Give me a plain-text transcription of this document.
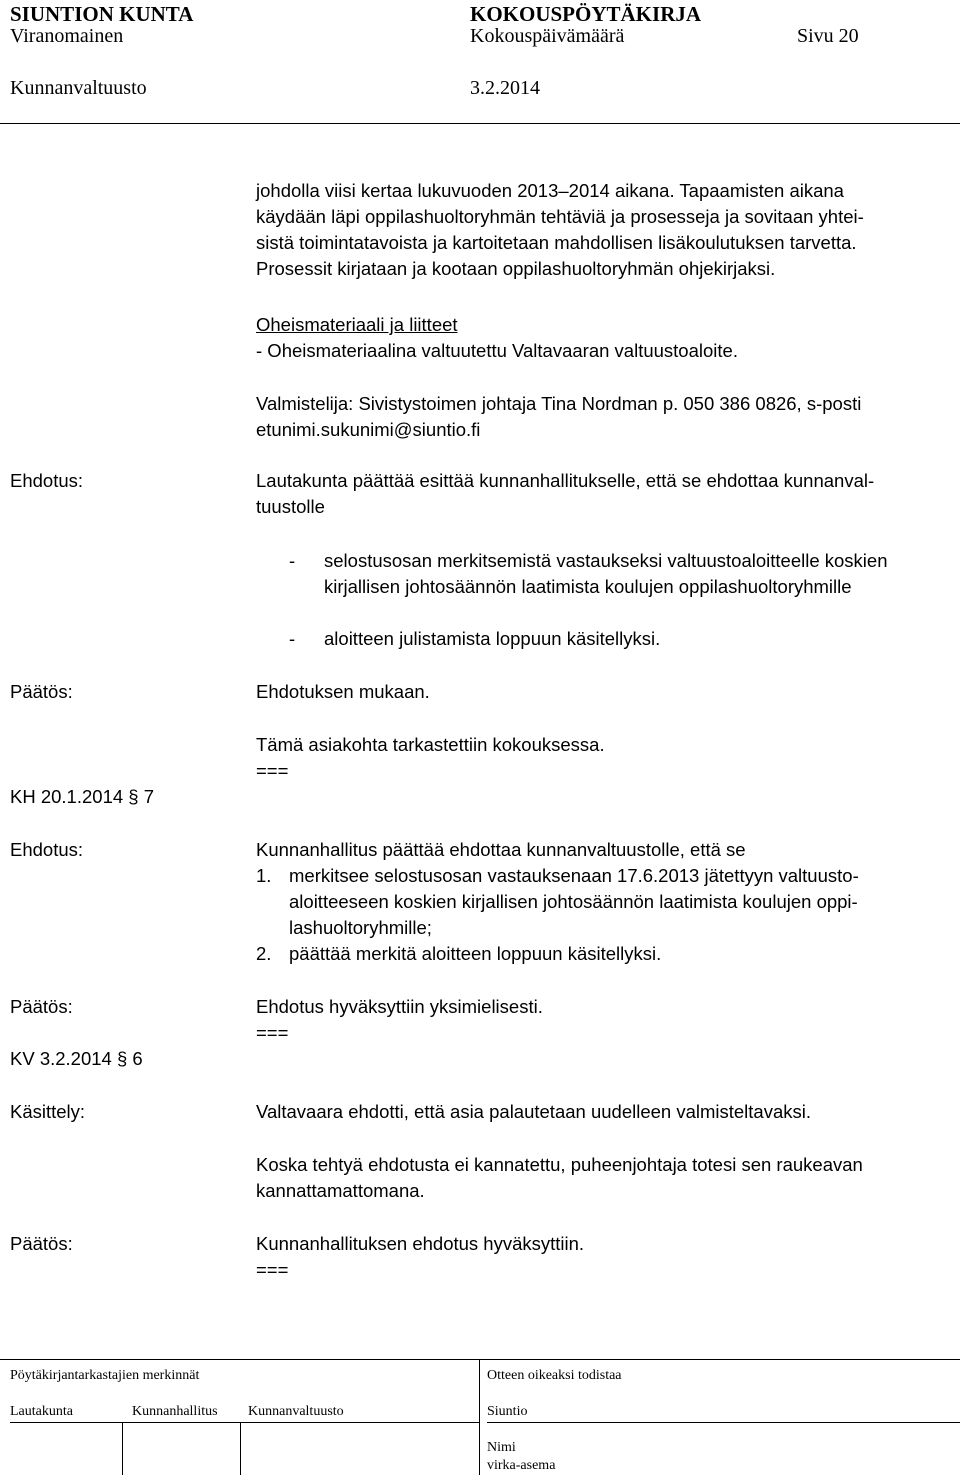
SIUNTION KUNTA	KOKOUSPÖYTÄKIRJA
Viranomainen	Kokouspäivämäärä	Sivu 20
Kunnanvaltuusto	3.2.2014
johdolla viisi kertaa lukuvuoden 2013–2014 aikana. Tapaamisten aikana
käydään läpi oppilashuoltoryhmän tehtäviä ja prosesseja ja sovitaan yhtei-
sistä toimintatavoista ja kartoitetaan mahdollisen lisäkoulutuksen tarvetta.
Prosessit kirjataan ja kootaan oppilashuoltoryhmän ohjekirjaksi.
Oheismateriaali ja liitteet
- Oheismateriaalina valtuutettu Valtavaaran valtuustoaloite.
Valmistelija: Sivistystoimen johtaja Tina Nordman p. 050 386 0826, s-posti
etunimi.sukunimi@siuntio.fi
Ehdotus:	Lautakunta päättää esittää kunnanhallitukselle, että se ehdottaa kunnanval-
tuustolle
- selostusosan merkitsemistä vastaukseksi valtuustoaloitteelle koskien
kirjallisen johtosäännön laatimista koulujen oppilashuoltoryhmille
- aloitteen julistamista loppuun käsitellyksi.
Päätös:	Ehdotuksen mukaan.
Tämä asiakohta tarkastettiin kokouksessa.
===
KH 20.1.2014 § 7
Ehdotus:	Kunnanhallitus päättää ehdottaa kunnanvaltuustolle, että se
1. merkitsee selostusosan vastauksenaan 17.6.2013 jätettyyn valtuusto-
aloitteeseen koskien kirjallisen johtosäännön laatimista koulujen oppi-
lashuoltoryhmille;
2. päättää merkitä aloitteen loppuun käsitellyksi.
Päätös:	Ehdotus hyväksyttiin yksimielisesti.
===
KV 3.2.2014 § 6
Käsittely:	Valtavaara ehdotti, että asia palautetaan uudelleen valmisteltavaksi.
Koska tehtyä ehdotusta ei kannatettu, puheenjohtaja totesi sen raukeavan
kannattamattomana.
Päätös:	Kunnanhallituksen ehdotus hyväksyttiin.
===
Pöytäkirjantarkastajien merkinnät	Otteen oikeaksi todistaa
Lautakunta	Kunnanhallitus Kunnanvaltuusto	Siuntio
Nimi
virka-asema
